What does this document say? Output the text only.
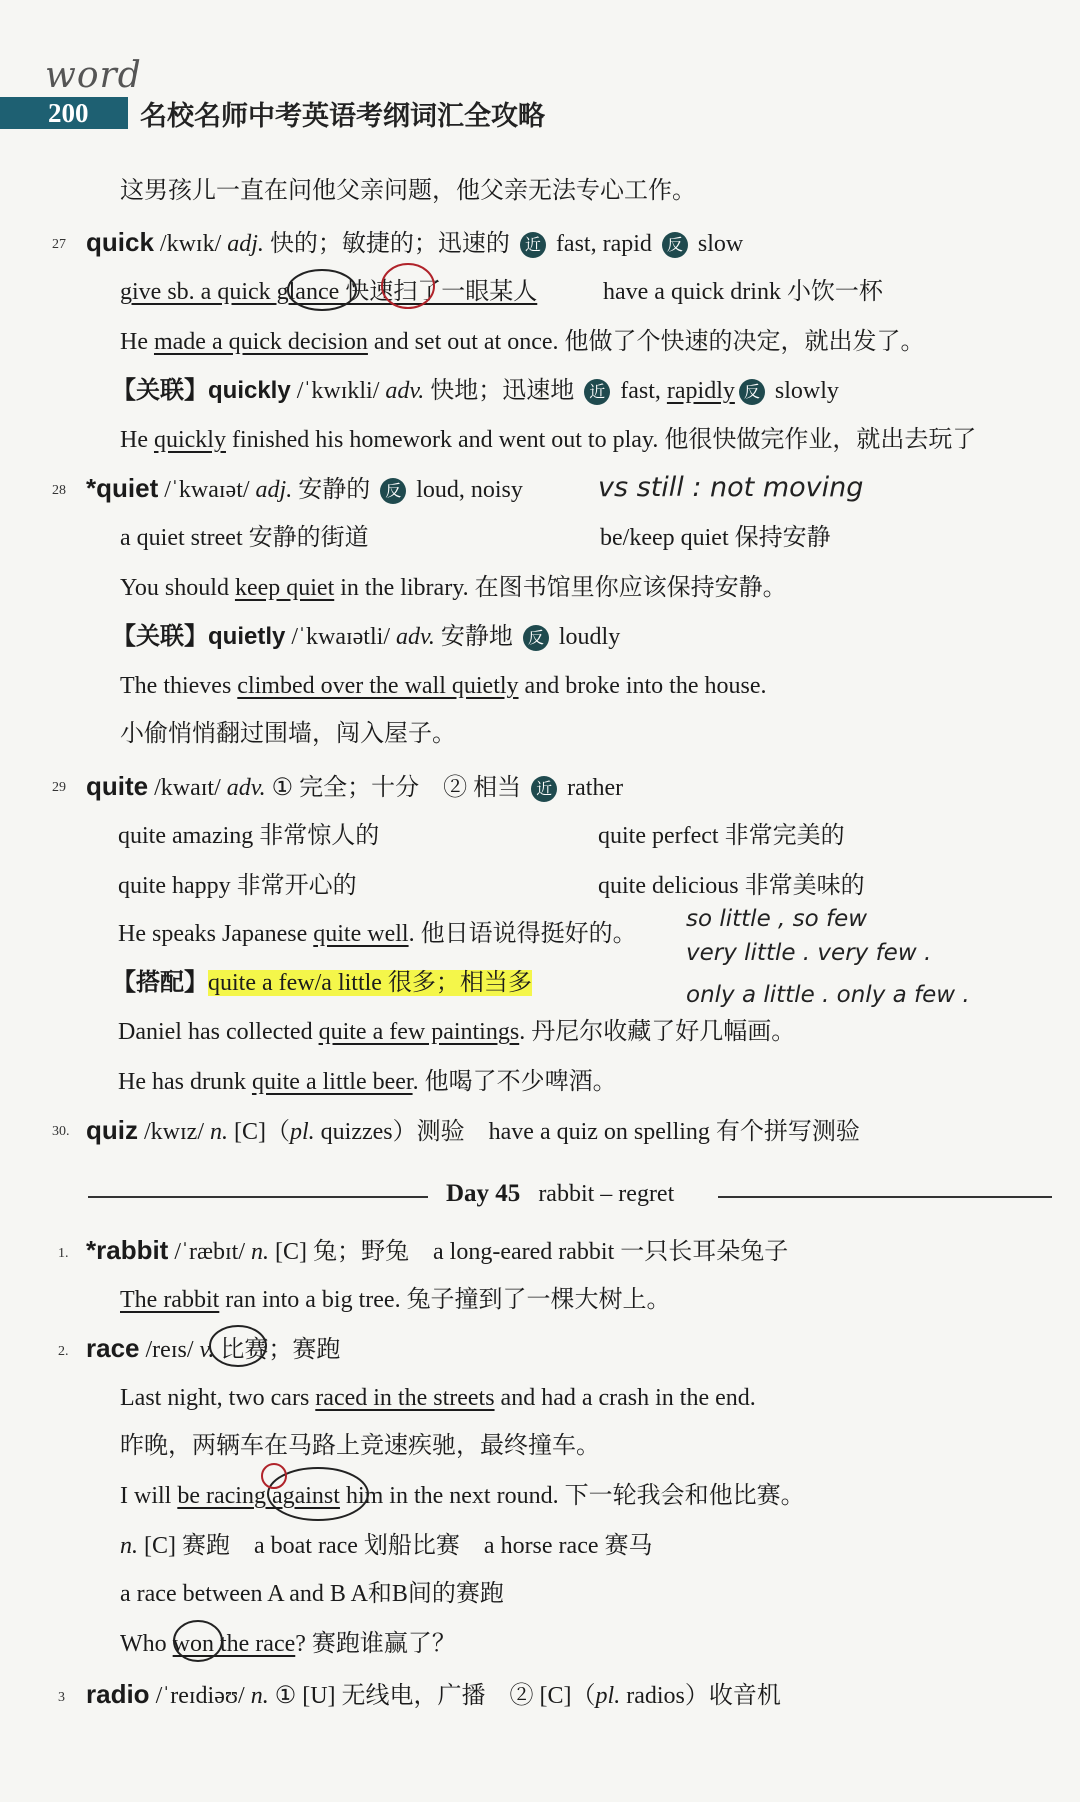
word
200 名校名师中考英语考纲词汇全攻略
这男孩儿一直在问他父亲问题，他父亲无法专心工作。
27 quick /kwɪk/ adj. 快的；敏捷的；迅速的 近 fast, rapid 反 slow
give sb. a quick glance 快速扫了一眼某人	have a quick drink 小饮一杯
He made a quick decision and set out at once. 他做了个快速的决定，就出发了。
【关联】quickly /ˈkwɪkli/ adv. 快地；迅速地 近 fast, rapidly 反 slowly
He quickly finished his homework and went out to play. 他很快做完作业，就出去玩了
28 *quiet /ˈkwaɪət/ adj. 安静的 反 loud, noisy
a quiet street 安静的街道	be/keep quiet 保持安静
You should keep quiet in the library. 在图书馆里你应该保持安静。
【关联】quietly /ˈkwaɪətli/ adv. 安静地 反 loudly
The thieves climbed over the wall quietly and broke into the house.
小偷悄悄翻过围墙，闯入屋子。
29 quite /kwaɪt/ adv. ① 完全；十分　② 相当 近 rather
quite amazing 非常惊人的	quite perfect 非常完美的
quite happy 非常开心的	quite delicious 非常美味的
He speaks Japanese quite well. 他日语说得挺好的。
【搭配】quite a few/a little 很多；相当多
Daniel has collected quite a few paintings. 丹尼尔收藏了好几幅画。
He has drunk quite a little beer. 他喝了不少啤酒。
30. quiz /kwɪz/ n. [C]（pl. quizzes）测验　have a quiz on spelling 有个拼写测验
Day 45 rabbit – regret
1. *rabbit /ˈræbɪt/ n. [C] 兔；野兔　a long-eared rabbit 一只长耳朵兔子
The rabbit ran into a big tree. 兔子撞到了一棵大树上。
2. race /reɪs/ v. 比赛；赛跑
Last night, two cars raced in the streets and had a crash in the end.
昨晚，两辆车在马路上竞速疾驰，最终撞车。
I will be racing against him in the next round. 下一轮我会和他比赛。
n. [C] 赛跑　a boat race 划船比赛　a horse race 赛马
a race between A and B A和B间的赛跑
Who won the race? 赛跑谁赢了？
3 radio /ˈreɪdiəʊ/ n. ① [U] 无线电，广播　② [C]（pl. radios）收音机
vs still : not moving
so little , so few
very little . very few .
only a little . only a few .
